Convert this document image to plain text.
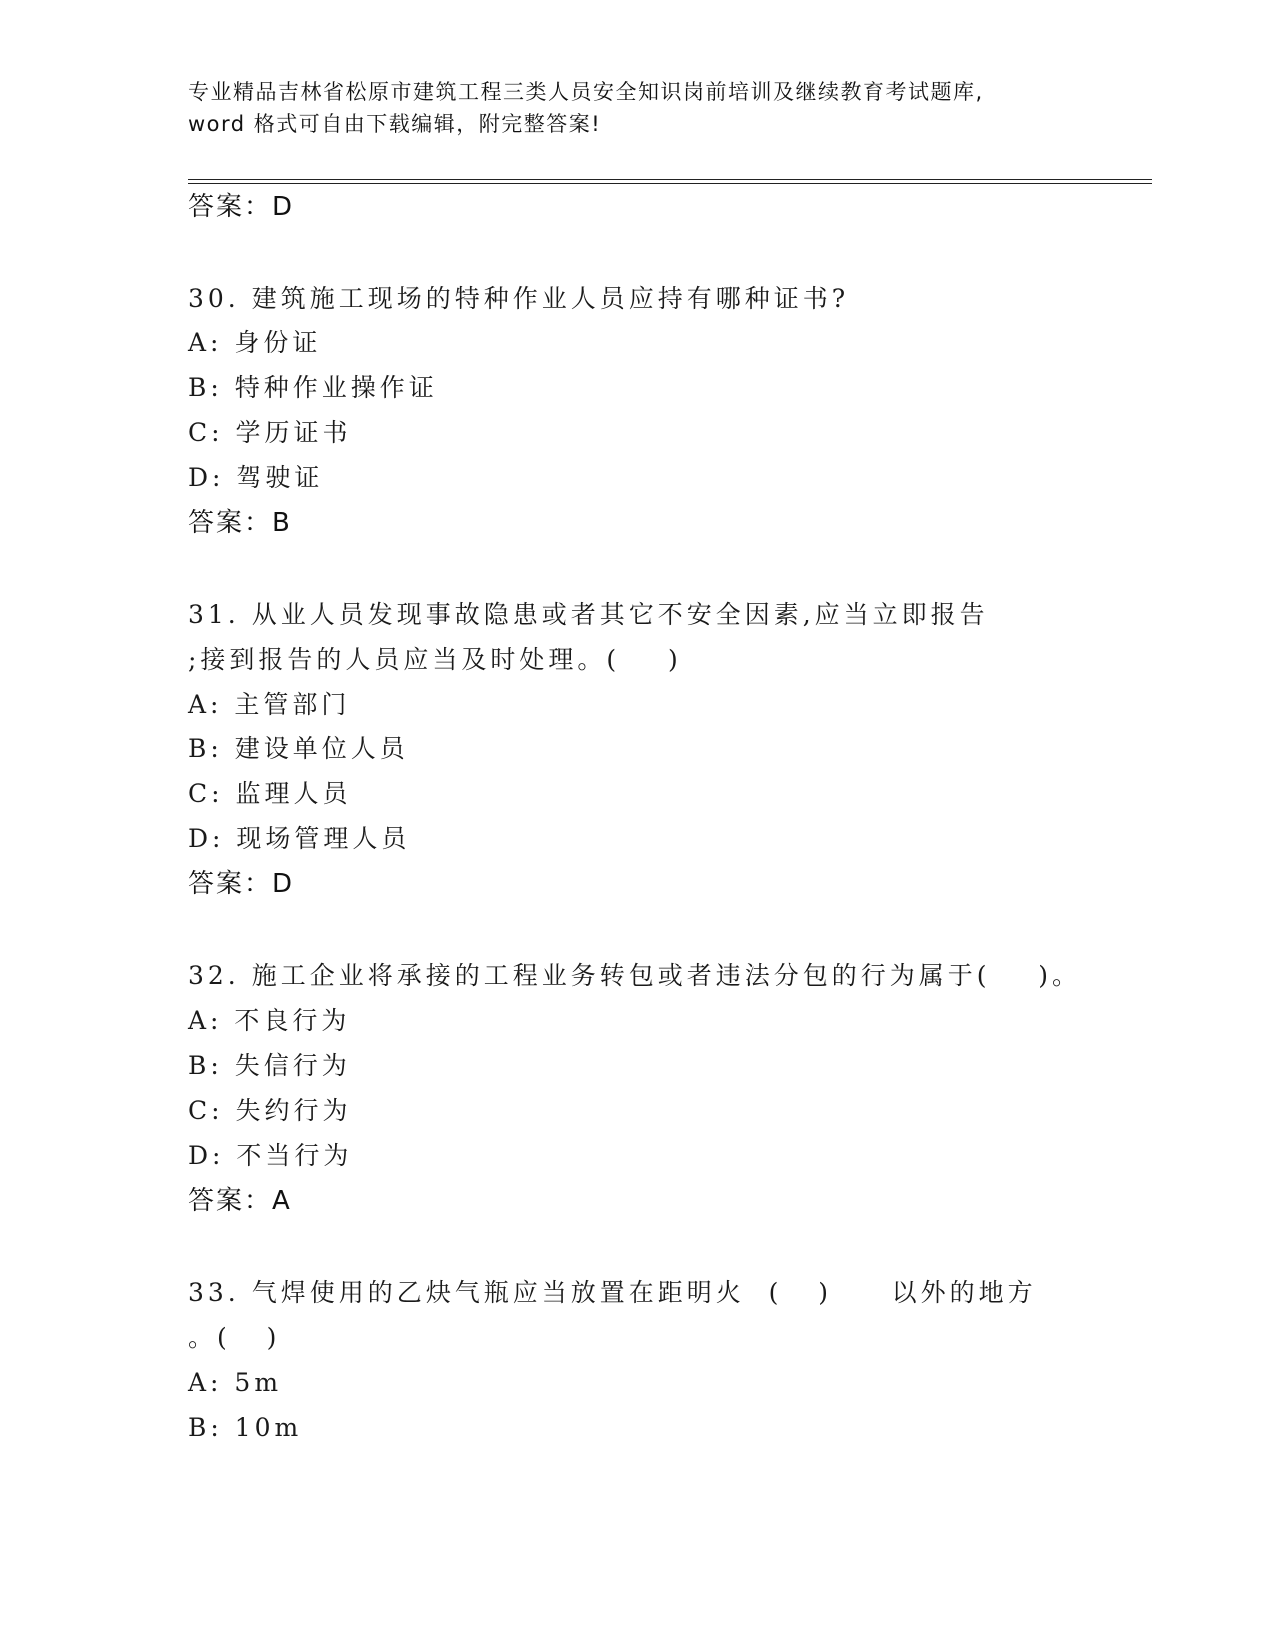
专业精品吉林省松原市建筑工程三类人员安全知识岗前培训及继续教育考试题库,
word 格式可自由下载编辑，附完整答案!
答案：D
30. 建筑施工现场的特种作业人员应持有哪种证书?
A: 身份证
B: 特种作业操作证
C: 学历证书
D: 驾驶证
答案：B
31. 从业人员发现事故隐患或者其它不安全因素,应当立即报告
;接到报告的人员应当及时处理。(    )
A: 主管部门
B: 建设单位人员
C: 监理人员
D: 现场管理人员
答案：D
32. 施工企业将承接的工程业务转包或者违法分包的行为属于(    )。
A: 不良行为
B: 失信行为
C: 失约行为
D: 不当行为
答案：A
33. 气焊使用的乙炔气瓶应当放置在距明火  (   )     以外的地方
。(   )
A: 5m
B: 10m
